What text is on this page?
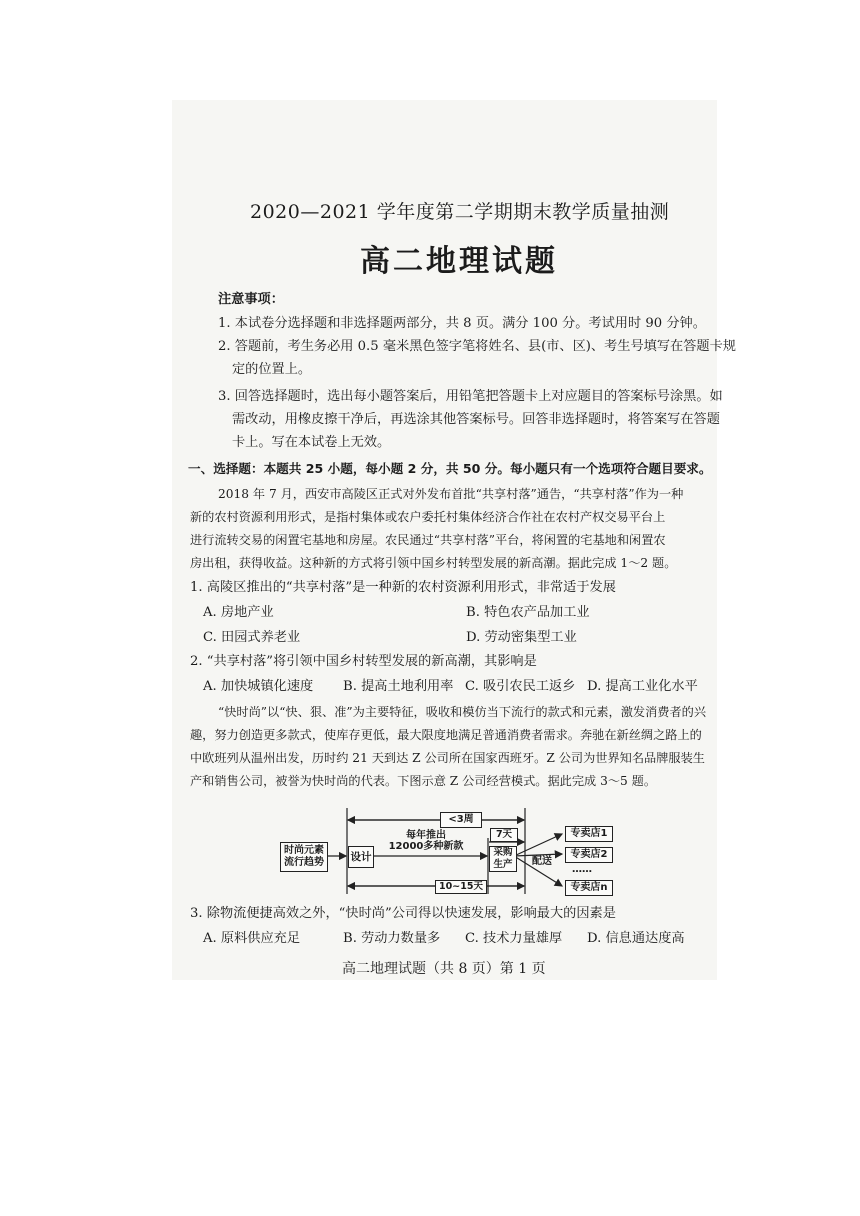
2020—2021 学年度第二学期期末教学质量抽测
高二地理试题
注意事项：
1. 本试卷分选择题和非选择题两部分，共 8 页。满分 100 分。考试用时 90 分钟。
2. 答题前，考生务必用 0.5 毫米黑色签字笔将姓名、县(市、区)、考生号填写在答题卡规
定的位置上。
3. 回答选择题时，选出每小题答案后，用铅笔把答题卡上对应题目的答案标号涂黑。如
需改动，用橡皮擦干净后，再选涂其他答案标号。回答非选择题时，将答案写在答题
卡上。写在本试卷上无效。
一、选择题：本题共 25 小题，每小题 2 分，共 50 分。每小题只有一个选项符合题目要求。
2018 年 7 月，西安市高陵区正式对外发布首批“共享村落”通告，“共享村落”作为一种
新的农村资源利用形式，是指村集体或农户委托村集体经济合作社在农村产权交易平台上
进行流转交易的闲置宅基地和房屋。农民通过“共享村落”平台，将闲置的宅基地和闲置农
房出租，获得收益。这种新的方式将引领中国乡村转型发展的新高潮。据此完成 1～2 题。
1. 高陵区推出的“共享村落”是一种新的农村资源利用形式，非常适于发展
A. 房地产业	B. 特色农产品加工业
C. 田园式养老业	D. 劳动密集型工业
2. “共享村落”将引领中国乡村转型发展的新高潮，其影响是
A. 加快城镇化速度 B. 提高土地利用率 C. 吸引农民工返乡 D. 提高工业化水平
“快时尚”以“快、狠、准”为主要特征，吸收和模仿当下流行的款式和元素，激发消费者的兴
趣，努力创造更多款式，使库存更低，最大限度地满足普通消费者需求。奔驰在新丝绸之路上的
中欧班列从温州出发，历时约 21 天到达 Z 公司所在国家西班牙。Z 公司为世界知名品牌服装生
产和销售公司，被誉为快时尚的代表。下图示意 Z 公司经营模式。据此完成 3～5 题。
时尚元素
流行趋势	设计
每年推出
12000多种新款
<3周
7天
采购
生产 配送
10~15天
专卖店1
专卖店2
……
专卖店n
3. 除物流便捷高效之外，“快时尚”公司得以快速发展，影响最大的因素是
A. 原料供应充足	B. 劳动力数量多 C. 技术力量雄厚 D. 信息通达度高
高二地理试题（共 8 页）第 1 页
